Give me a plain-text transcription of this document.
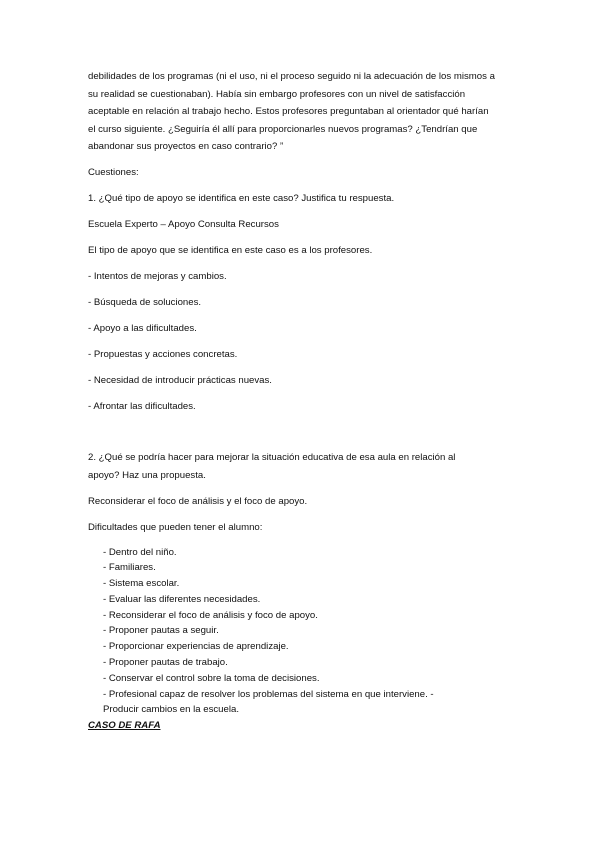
debilidades de los programas (ni el uso, ni el proceso seguido ni la adecuación de los mismos a

su realidad se cuestionaban). Había sin embargo profesores con un nivel de satisfacción

aceptable en relación al trabajo hecho. Estos profesores preguntaban al orientador qué harían

el curso siguiente. ¿Seguiría él allí para proporcionarles nuevos programas? ¿Tendrían que

abandonar sus proyectos en caso contrario? ”

Cuestiones:

1. ¿Qué tipo de apoyo se identifica en este caso? Justifica tu respuesta.

Escuela Experto – Apoyo Consulta Recursos

El tipo de apoyo que se identifica en este caso es a los profesores.

- Intentos de mejoras y cambios.

- Búsqueda de soluciones.

- Apoyo a las dificultades.

- Propuestas y acciones concretas.

- Necesidad de introducir prácticas nuevas.

- Afrontar las dificultades.

2. ¿Qué se podría hacer para mejorar la situación educativa de esa aula en relación al

apoyo? Haz una propuesta.

Reconsiderar el foco de análisis y el foco de apoyo.

Dificultades que pueden tener el alumno:

- Dentro del niño.
- Familiares.
- Sistema escolar.
- Evaluar las diferentes necesidades.
- Reconsiderar el foco de análisis y foco de apoyo.
- Proponer pautas a seguir.
- Proporcionar experiencias de aprendizaje.
- Proponer pautas de trabajo.
- Conservar el control sobre la toma de decisiones.
- Profesional capaz de resolver los problemas del sistema en que interviene. -
Producir cambios en la escuela.

CASO DE RAFA
